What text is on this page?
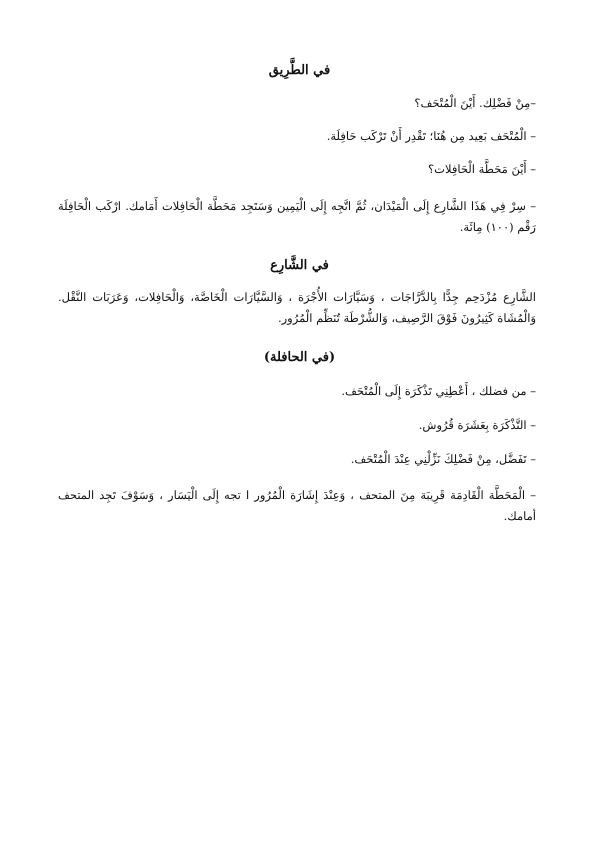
في الطَّرِيق

–مِنْ فَضْلِك. أَيْنَ الْمُتْحَف؟

– الْمُتْحَف بَعِيد مِن هُنَا؛ تَقْدِر أَنْ تَرْكَب حَافِلَة.

– أَيْنَ مَحَطَّة الْحَافِلات؟

– سِرْ فِي هَذَا الشَّارِع إِلَى الْمَيْدَان، ثُمَّ اتَّجِه إِلَى الْيَمِين وَسَتَجِد مَحَطَّة الْحَافِلات أَمَامك. ارْكَب الْحَافِلَة رَقْم (١٠٠) مِائَة.

في الشَّارِع

الشَّارِع مُزْدَحِم جِدًّا بِالدَّرَّاجَات ، وَسَيَّارَات الأُجْرَة ، وَالسَّيَّارَات الْخَاصَّة، وَالْحَافِلات، وَعَرَبَات النَّقْل. وَالْمُشَاة كَثِيرُونَ فَوْقَ الرَّصِيف، وَالشُّرْطَة تُنَظِّم الْمُرُور.

(في الحافلة)

– من فضلك ، أَعْطِنِي تَذْكَرَة إِلَى الْمُتْحَف.

– التَّذْكَرَة بِعَشَرَة قُرُوش.

– تَفَضَّل، مِنْ فَضْلِكَ نَزِّلْنِي عِنْدَ الْمُتْحَف.

– الْمَحَطَّة الْقَادِمَة قَرِيبَة مِنَ المتحف ، وَعِنْدَ إِشَارَة الْمُرُور ا تجه إِلَى الْيَسَار ، وَسَوْفَ تَجِد المتحف أمامك.
